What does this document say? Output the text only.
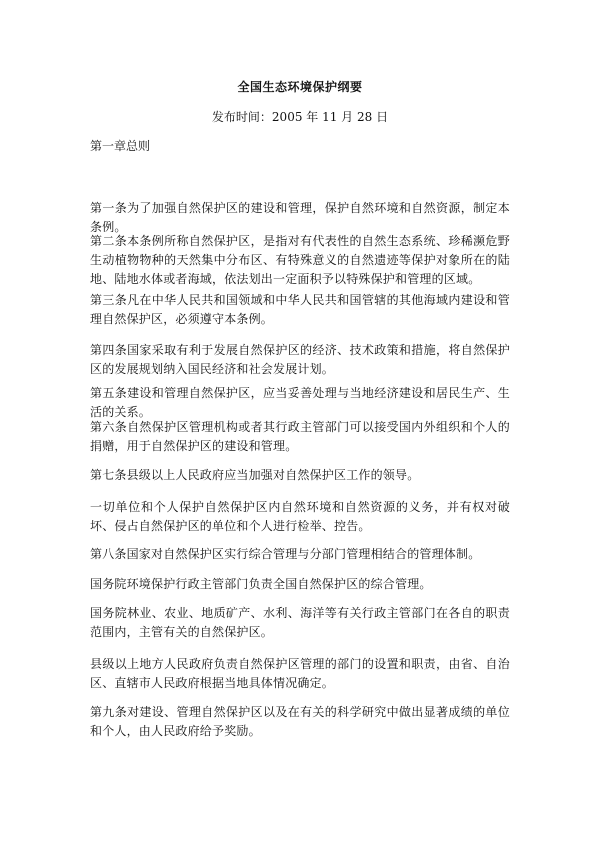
全国生态环境保护纲要
发布时间：2005 年 11 月 28 日
第一章总则

第一条为了加强自然保护区的建设和管理，保护自然环境和自然资源，制定本条例。

第二条本条例所称自然保护区，是指对有代表性的自然生态系统、珍稀濒危野生动植物物种的天然集中分布区、有特殊意义的自然遗迹等保护对象所在的陆地、陆地水体或者海域，依法划出一定面积予以特殊保护和管理的区域。

第三条凡在中华人民共和国领域和中华人民共和国管辖的其他海域内建设和管理自然保护区，必须遵守本条例。

第四条国家采取有利于发展自然保护区的经济、技术政策和措施，将自然保护区的发展规划纳入国民经济和社会发展计划。

第五条建设和管理自然保护区，应当妥善处理与当地经济建设和居民生产、生活的关系。

第六条自然保护区管理机构或者其行政主管部门可以接受国内外组织和个人的捐赠，用于自然保护区的建设和管理。

第七条县级以上人民政府应当加强对自然保护区工作的领导。

一切单位和个人保护自然保护区内自然环境和自然资源的义务，并有权对破坏、侵占自然保护区的单位和个人进行检举、控告。

第八条国家对自然保护区实行综合管理与分部门管理相结合的管理体制。

国务院环境保护行政主管部门负责全国自然保护区的综合管理。

国务院林业、农业、地质矿产、水利、海洋等有关行政主管部门在各自的职责范围内，主管有关的自然保护区。

县级以上地方人民政府负责自然保护区管理的部门的设置和职责，由省、自治区、直辖市人民政府根据当地具体情况确定。

第九条对建设、管理自然保护区以及在有关的科学研究中做出显著成绩的单位和个人，由人民政府给予奖励。
